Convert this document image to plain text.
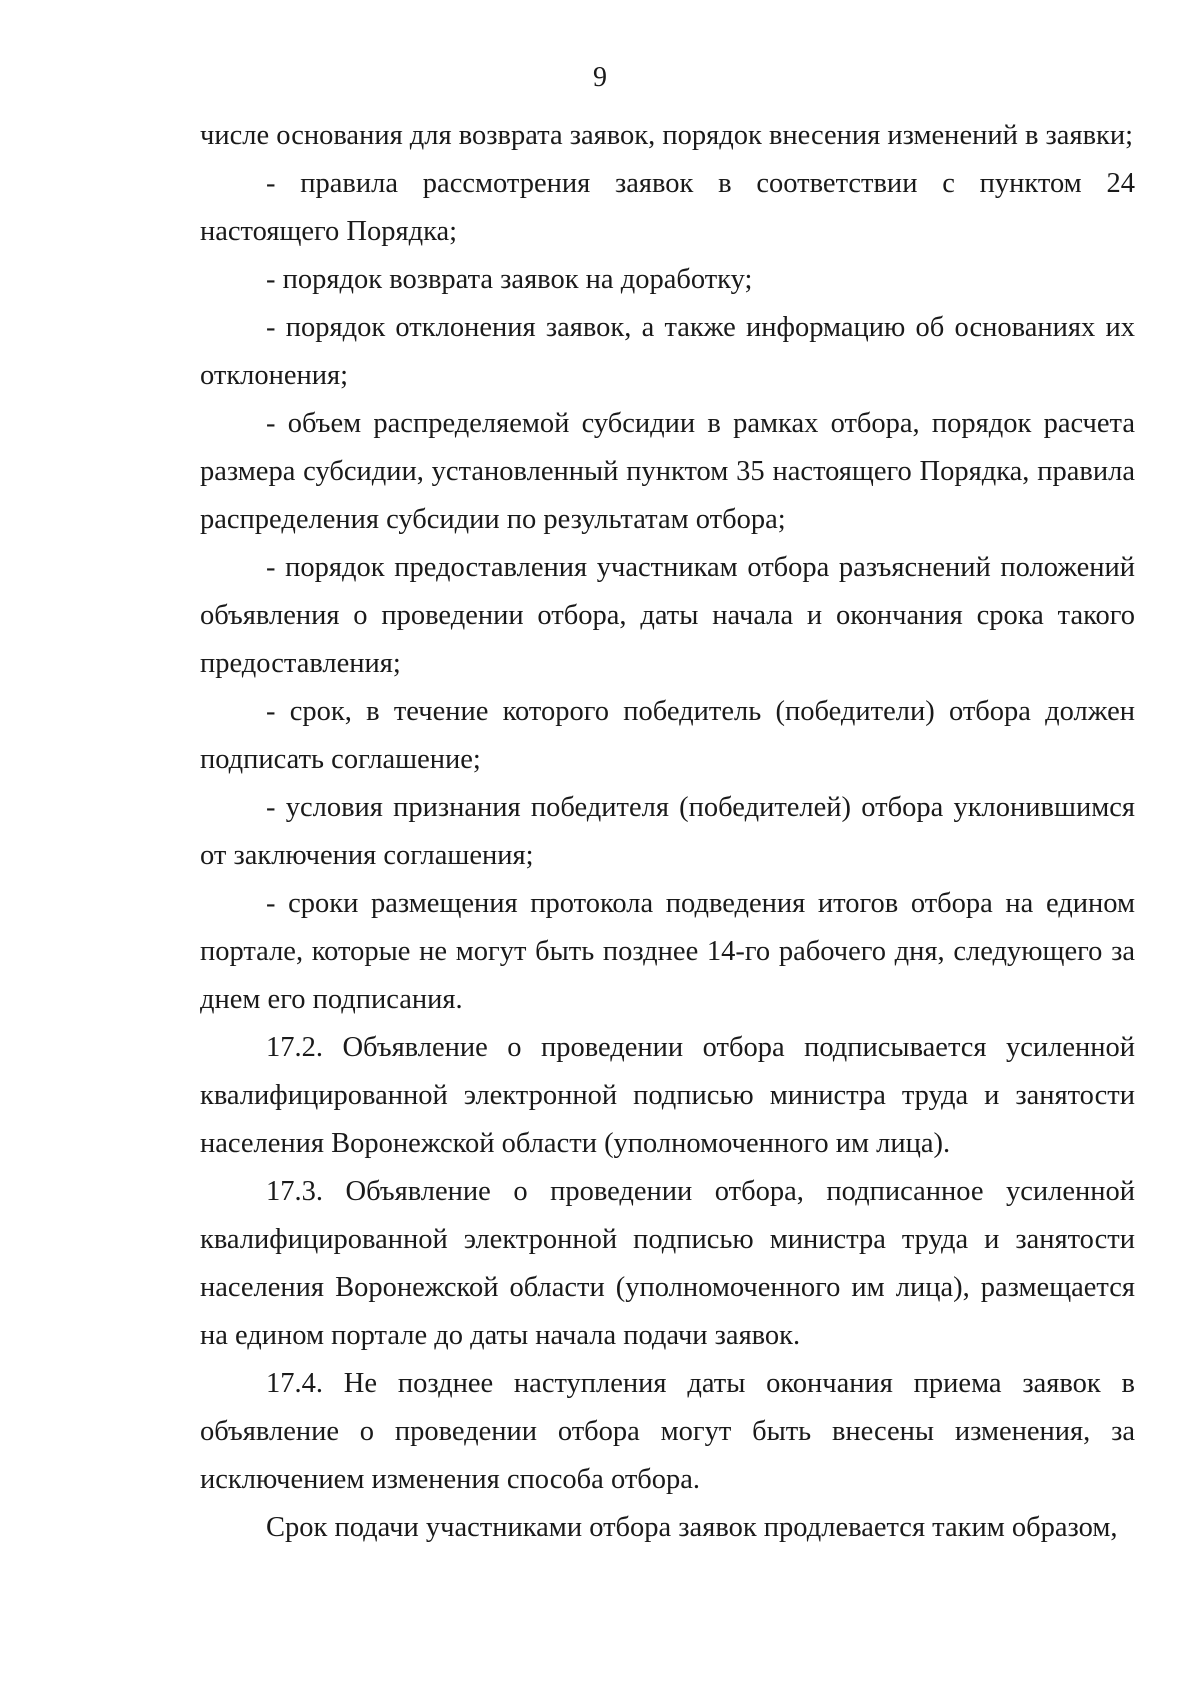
9

числе основания для возврата заявок, порядок внесения изменений в заявки;

- правила рассмотрения заявок в соответствии с пунктом 24 настоящего Порядка;

- порядок возврата заявок на доработку;

- порядок отклонения заявок, а также информацию об основаниях их отклонения;

- объем распределяемой субсидии в рамках отбора, порядок расчета размера субсидии, установленный пунктом 35 настоящего Порядка, правила распределения субсидии по результатам отбора;

- порядок предоставления участникам отбора разъяснений положений объявления о проведении отбора, даты начала и окончания срока такого предоставления;

- срок, в течение которого победитель (победители) отбора должен подписать соглашение;

- условия признания победителя (победителей) отбора уклонившимся от заключения соглашения;

- сроки размещения протокола подведения итогов отбора на едином портале, которые не могут быть позднее 14-го рабочего дня, следующего за днем его подписания.

17.2. Объявление о проведении отбора подписывается усиленной квалифицированной электронной подписью министра труда и занятости населения Воронежской области (уполномоченного им лица).

17.3. Объявление о проведении отбора, подписанное усиленной квалифицированной электронной подписью министра труда и занятости населения Воронежской области (уполномоченного им лица), размещается на едином портале до даты начала подачи заявок.

17.4. Не позднее наступления даты окончания приема заявок в объявление о проведении отбора могут быть внесены изменения, за исключением изменения способа отбора.

Срок подачи участниками отбора заявок продлевается таким образом,
